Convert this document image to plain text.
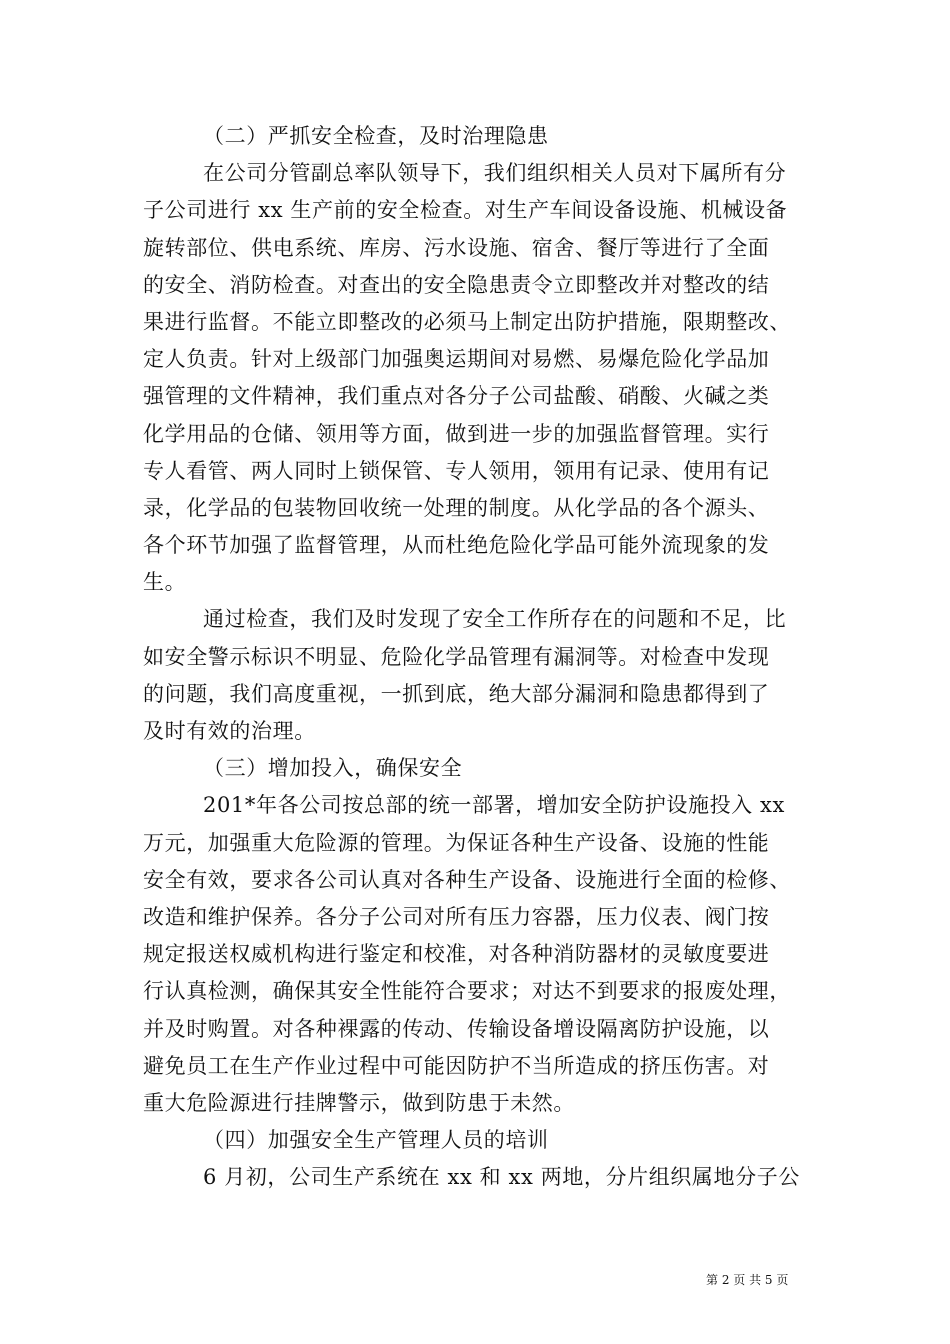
（二）严抓安全检查，及时治理隐患
在公司分管副总率队领导下，我们组织相关人员对下属所有分
子公司进行 xx 生产前的安全检查。对生产车间设备设施、机械设备
旋转部位、供电系统、库房、污水设施、宿舍、餐厅等进行了全面
的安全、消防检查。对查出的安全隐患责令立即整改并对整改的结
果进行监督。不能立即整改的必须马上制定出防护措施，限期整改、
定人负责。针对上级部门加强奥运期间对易燃、易爆危险化学品加
强管理的文件精神，我们重点对各分子公司盐酸、硝酸、火碱之类
化学用品的仓储、领用等方面，做到进一步的加强监督管理。实行
专人看管、两人同时上锁保管、专人领用，领用有记录、使用有记
录，化学品的包装物回收统一处理的制度。从化学品的各个源头、
各个环节加强了监督管理，从而杜绝危险化学品可能外流现象的发
生。
通过检查，我们及时发现了安全工作所存在的问题和不足，比
如安全警示标识不明显、危险化学品管理有漏洞等。对检查中发现
的问题，我们高度重视，一抓到底，绝大部分漏洞和隐患都得到了
及时有效的治理。
（三）增加投入，确保安全
201*年各公司按总部的统一部署，增加安全防护设施投入 xx
万元，加强重大危险源的管理。为保证各种生产设备、设施的性能
安全有效，要求各公司认真对各种生产设备、设施进行全面的检修、
改造和维护保养。各分子公司对所有压力容器，压力仪表、阀门按
规定报送权威机构进行鉴定和校准，对各种消防器材的灵敏度要进
行认真检测，确保其安全性能符合要求；对达不到要求的报废处理，
并及时购置。对各种裸露的传动、传输设备增设隔离防护设施，以
避免员工在生产作业过程中可能因防护不当所造成的挤压伤害。对
重大危险源进行挂牌警示，做到防患于未然。
（四）加强安全生产管理人员的培训
6 月初，公司生产系统在 xx 和 xx 两地，分片组织属地分子公
第 2 页 共 5 页
